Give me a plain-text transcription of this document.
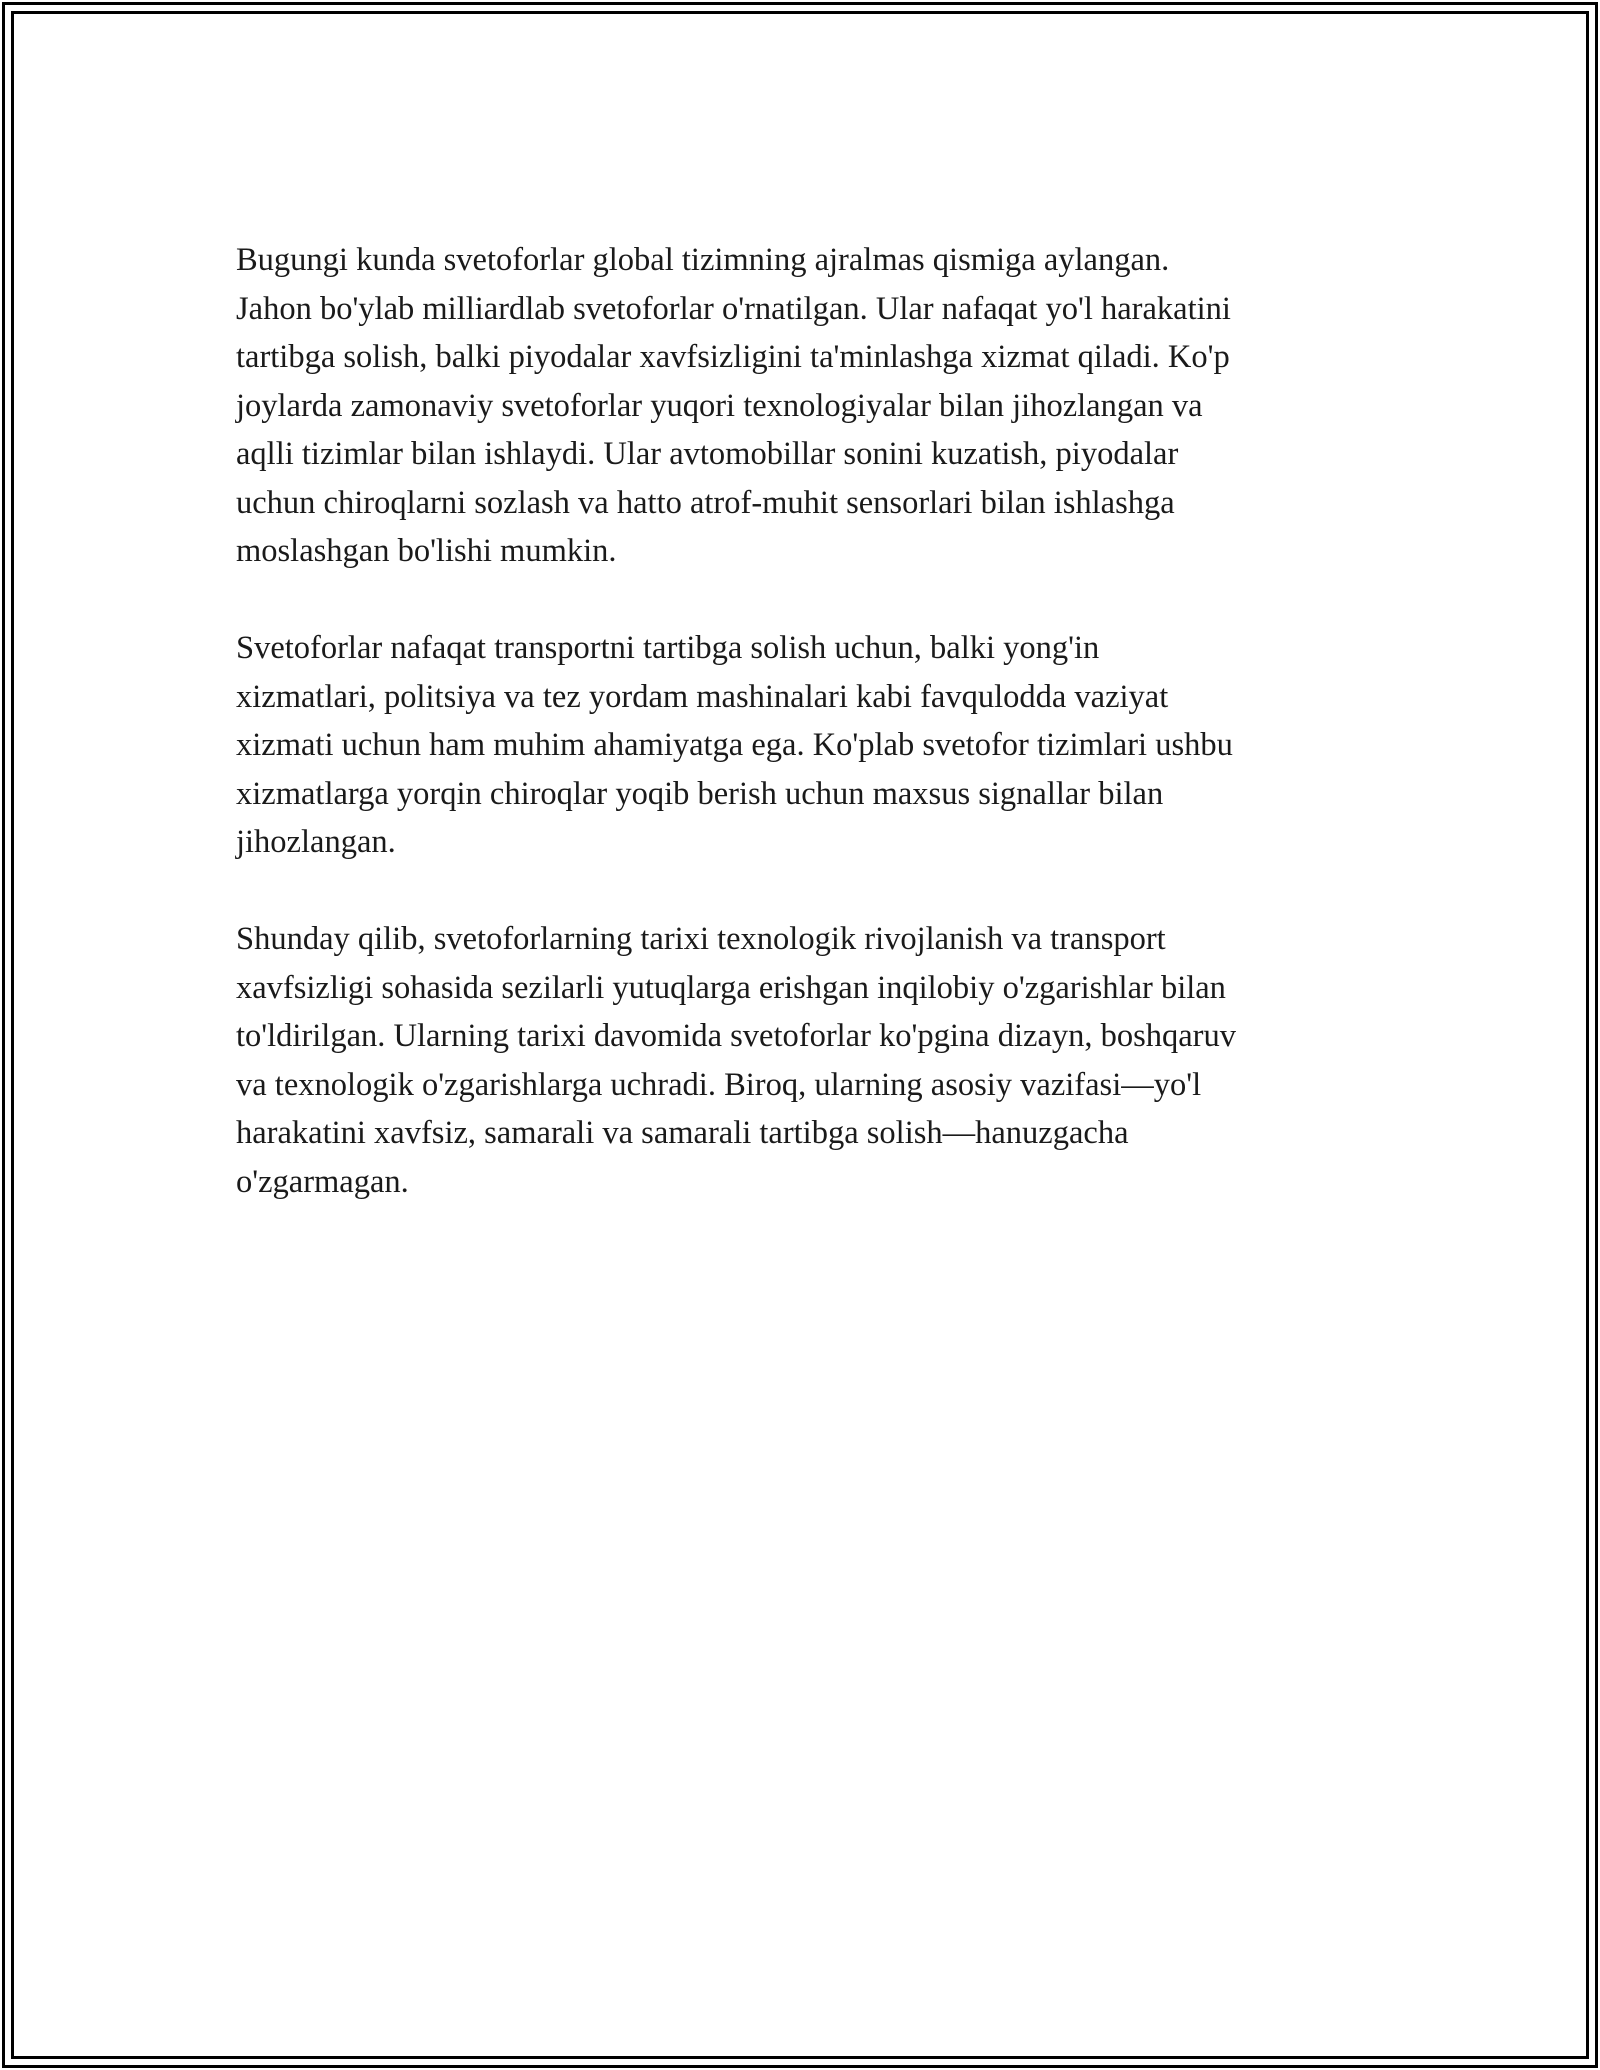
Bugungi kunda svetoforlar global tizimning ajralmas qismiga aylangan.
Jahon bo'ylab milliardlab svetoforlar o'rnatilgan. Ular nafaqat yo'l harakatini
tartibga solish, balki piyodalar xavfsizligini ta'minlashga xizmat qiladi. Ko'p
joylarda zamonaviy svetoforlar yuqori texnologiyalar bilan jihozlangan va
aqlli tizimlar bilan ishlaydi. Ular avtomobillar sonini kuzatish, piyodalar
uchun chiroqlarni sozlash va hatto atrof-muhit sensorlari bilan ishlashga
moslashgan bo'lishi mumkin.

Svetoforlar nafaqat transportni tartibga solish uchun, balki yong'in
xizmatlari, politsiya va tez yordam mashinalari kabi favqulodda vaziyat
xizmati uchun ham muhim ahamiyatga ega. Ko'plab svetofor tizimlari ushbu
xizmatlarga yorqin chiroqlar yoqib berish uchun maxsus signallar bilan
jihozlangan.

Shunday qilib, svetoforlarning tarixi texnologik rivojlanish va transport
xavfsizligi sohasida sezilarli yutuqlarga erishgan inqilobiy o'zgarishlar bilan
to'ldirilgan. Ularning tarixi davomida svetoforlar ko'pgina dizayn, boshqaruv
va texnologik o'zgarishlarga uchradi. Biroq, ularning asosiy vazifasi—yo'l
harakatini xavfsiz, samarali va samarali tartibga solish—hanuzgacha
o'zgarmagan.
